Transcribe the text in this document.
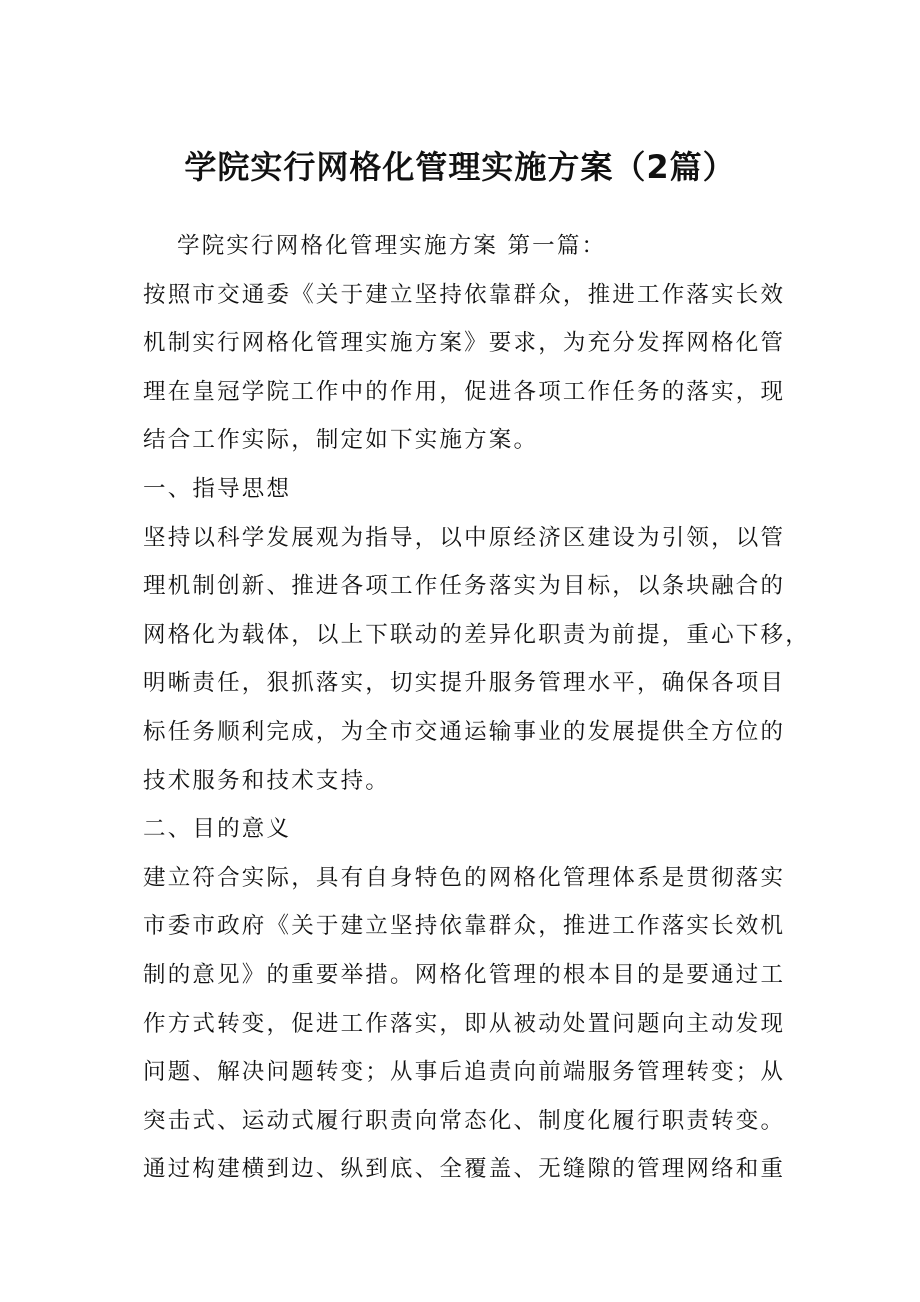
学院实行网格化管理实施方案（2篇）
学院实行网格化管理实施方案 第一篇：
按照市交通委《关于建立坚持依靠群众，推进工作落实长效
机制实行网格化管理实施方案》要求，为充分发挥网格化管
理在皇冠学院工作中的作用，促进各项工作任务的落实，现
结合工作实际，制定如下实施方案。
一、指导思想
坚持以科学发展观为指导，以中原经济区建设为引领，以管
理机制创新、推进各项工作任务落实为目标，以条块融合的
网格化为载体，以上下联动的差异化职责为前提，重心下移，
明晰责任，狠抓落实，切实提升服务管理水平，确保各项目
标任务顺利完成，为全市交通运输事业的发展提供全方位的
技术服务和技术支持。
二、目的意义
建立符合实际，具有自身特色的网格化管理体系是贯彻落实
市委市政府《关于建立坚持依靠群众，推进工作落实长效机
制的意见》的重要举措。网格化管理的根本目的是要通过工
作方式转变，促进工作落实，即从被动处置问题向主动发现
问题、解决问题转变；从事后追责向前端服务管理转变；从
突击式、运动式履行职责向常态化、制度化履行职责转变。
通过构建横到边、纵到底、全覆盖、无缝隙的管理网络和重
